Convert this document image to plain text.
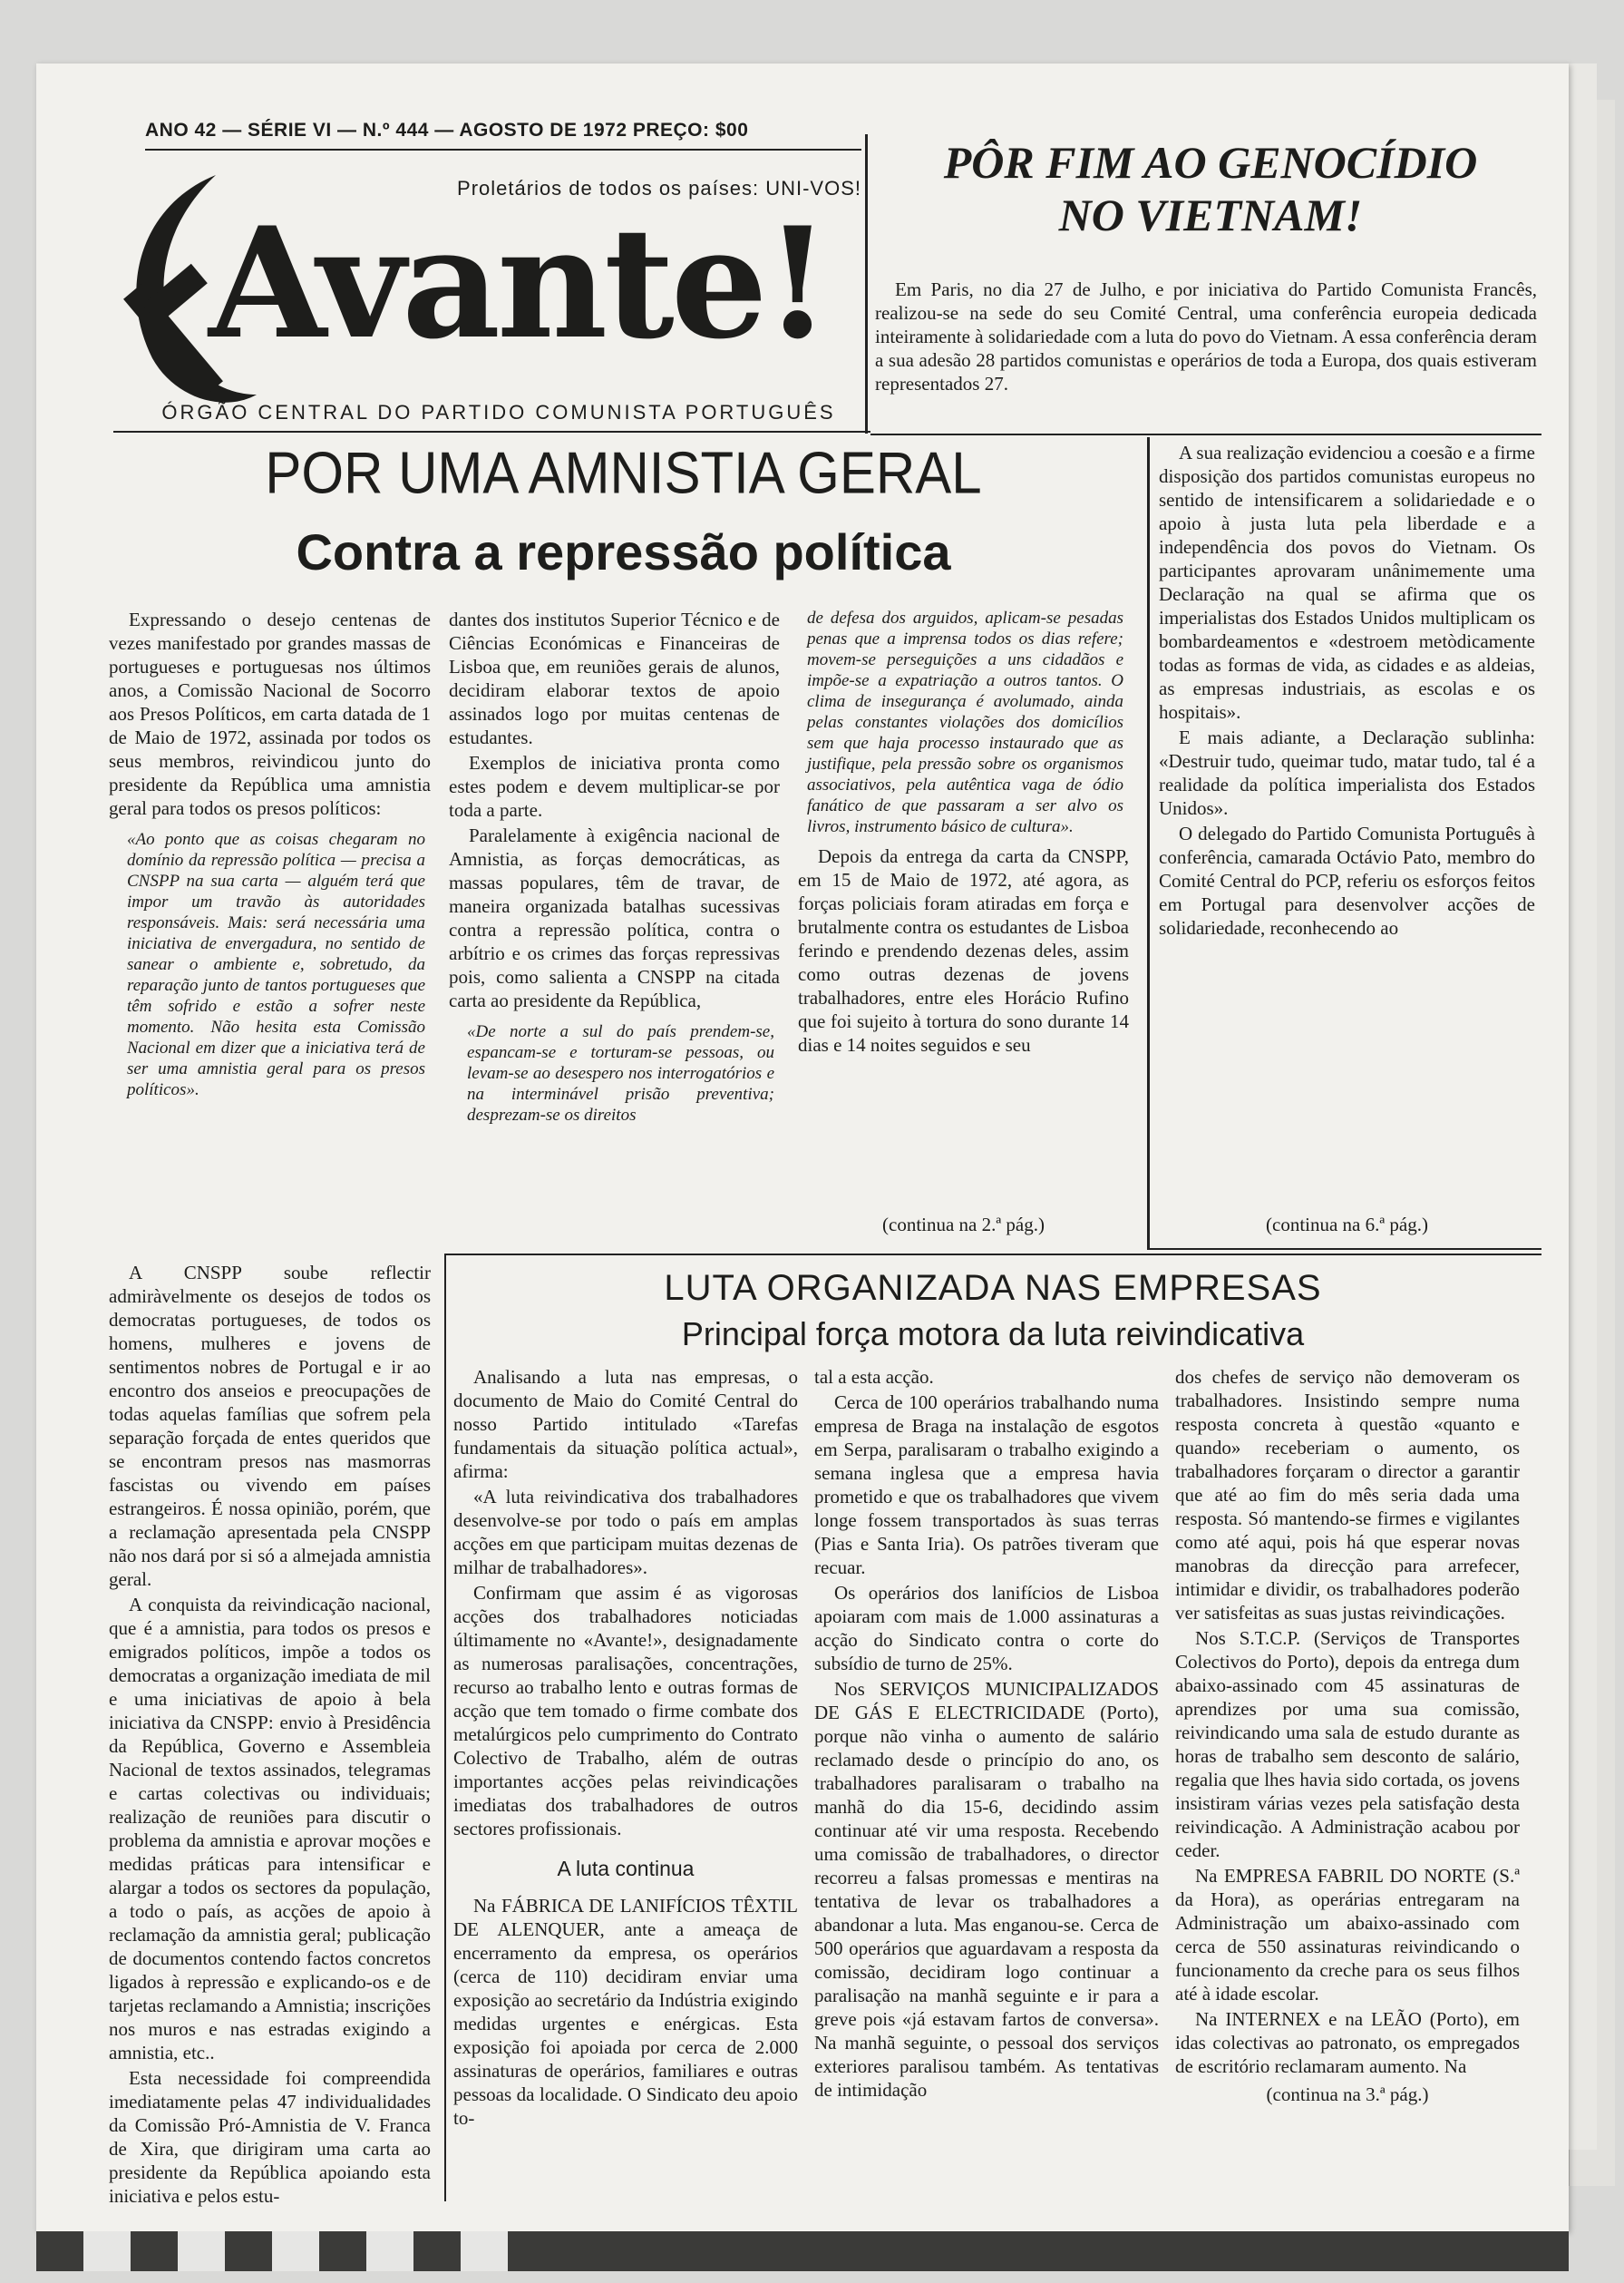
ANO 42 — SÉRIE VI — N.º 444 — AGOSTO DE 1972 PREÇO: $00
Proletários de todos os países: UNI-VOS!
Avante!
ÓRGÃO CENTRAL DO PARTIDO COMUNISTA PORTUGUÊS
PÔR FIM AO GENOCÍDIO
NO VIETNAM!

Em Paris, no dia 27 de Julho, e por iniciativa do Partido Comunista Francês, realizou-se na sede do seu Comité Central, uma conferência europeia dedicada inteiramente à solidariedade com a luta do povo do Vietnam. A essa conferência deram a sua adesão 28 partidos comunistas e operários de toda a Europa, dos quais estiveram representados 27.

A sua realização evidenciou a coesão e a firme disposição dos partidos comunistas europeus no sentido de intensificarem a solidariedade e o apoio à justa luta pela liberdade e a independência dos povos do Vietnam. Os participantes aprovaram unânimemente uma Declaração na qual se afirma que os imperialistas dos Estados Unidos multiplicam os bombardeamentos e «destroem metòdicamente todas as formas de vida, as cidades e as aldeias, as empresas industriais, as escolas e os hospitais».

E mais adiante, a Declaração sublinha: «Destruir tudo, queimar tudo, matar tudo, tal é a realidade da política imperialista dos Estados Unidos».

O delegado do Partido Comunista Português à conferência, camarada Octávio Pato, membro do Comité Central do PCP, referiu os esforços feitos em Portugal para desenvolver acções de solidariedade, reconhecendo ao

(continua na 6.ª pág.)
POR UMA AMNISTIA GERAL
Contra a repressão política

Expressando o desejo centenas de vezes manifestado por grandes massas de portugueses e portuguesas nos últimos anos, a Comissão Nacional de Socorro aos Presos Políticos, em carta datada de 1 de Maio de 1972, assinada por todos os seus membros, reivindicou junto do presidente da República uma amnistia geral para todos os presos políticos:

«Ao ponto que as coisas chegaram no domínio da repressão política — precisa a CNSPP na sua carta — alguém terá que impor um travão às autoridades responsáveis. Mais: será necessária uma iniciativa de envergadura, no sentido de sanear o ambiente e, sobretudo, da reparação junto de tantos portugueses que têm sofrido e estão a sofrer neste momento. Não hesita esta Comissão Nacional em dizer que a iniciativa terá de ser uma amnistia geral para os presos políticos».

dantes dos institutos Superior Técnico e de Ciências Económicas e Financeiras de Lisboa que, em reuniões gerais de alunos, decidiram elaborar textos de apoio assinados logo por muitas centenas de estudantes.

Exemplos de iniciativa pronta como estes podem e devem multiplicar-se por toda a parte.

Paralelamente à exigência nacional de Amnistia, as forças democráticas, as massas populares, têm de travar, de maneira organizada batalhas sucessivas contra a repressão política, contra o arbítrio e os crimes das forças repressivas pois, como salienta a CNSPP na citada carta ao presidente da República,

«De norte a sul do país prendem-se, espancam-se e torturam-se pessoas, ou levam-se ao desespero nos interrogatórios e na interminável prisão preventiva; desprezam-se os direitos

de defesa dos arguidos, aplicam-se pesadas penas que a imprensa todos os dias refere; movem-se perseguições a uns cidadãos e impõe-se a expatriação a outros tantos. O clima de insegurança é avolumado, ainda pelas constantes violações dos domicílios sem que haja processo instaurado que as justifique, pela pressão sobre os organismos associativos, pela autêntica vaga de ódio fanático de que passaram a ser alvo os livros, instrumento básico de cultura».

Depois da entrega da carta da CNSPP, em 15 de Maio de 1972, até agora, as forças policiais foram atiradas em força e brutalmente contra os estudantes de Lisboa ferindo e prendendo dezenas deles, assim como outras dezenas de jovens trabalhadores, entre eles Horácio Rufino que foi sujeito à tortura do sono durante 14 dias e 14 noites seguidos e seu

(continua na 2.ª pág.)

A CNSPP soube reflectir admiràvelmente os desejos de todos os democratas portugueses, de todos os homens, mulheres e jovens de sentimentos nobres de Portugal e ir ao encontro dos anseios e preocupações de todas aquelas famílias que sofrem pela separação forçada de entes queridos que se encontram presos nas masmorras fascistas ou vivendo em países estrangeiros. É nossa opinião, porém, que a reclamação apresentada pela CNSPP não nos dará por si só a almejada amnistia geral.

A conquista da reivindicação nacional, que é a amnistia, para todos os presos e emigrados políticos, impõe a todos os democratas a organização imediata de mil e uma iniciativas de apoio à bela iniciativa da CNSPP: envio à Presidência da República, Governo e Assembleia Nacional de textos assinados, telegramas e cartas colectivas ou individuais; realização de reuniões para discutir o problema da amnistia e aprovar moções e medidas práticas para intensificar e alargar a todos os sectores da população, a todo o país, as acções de apoio à reclamação da amnistia geral; publicação de documentos contendo factos concretos ligados à repressão e explicando-os e de tarjetas reclamando a Amnistia; inscrições nos muros e nas estradas exigindo a amnistia, etc..

Esta necessidade foi compreendida imediatamente pelas 47 individualidades da Comissão Pró-Amnistia de V. Franca de Xira, que dirigiram uma carta ao presidente da República apoiando esta iniciativa e pelos estu-

LUTA ORGANIZADA NAS EMPRESAS
Principal força motora da luta reivindicativa

Analisando a luta nas empresas, o documento de Maio do Comité Central do nosso Partido intitulado «Tarefas fundamentais da situação política actual», afirma:

«A luta reivindicativa dos trabalhadores desenvolve-se por todo o país em amplas acções em que participam muitas dezenas de milhar de trabalhadores».

Confirmam que assim é as vigorosas acções dos trabalhadores noticiadas últimamente no «Avante!», designadamente as numerosas paralisações, concentrações, recurso ao trabalho lento e outras formas de acção que tem tomado o firme combate dos metalúrgicos pelo cumprimento do Contrato Colectivo de Trabalho, além de outras importantes acções pelas reivindicações imediatas dos trabalhadores de outros sectores profissionais.

A luta continua

Na FÁBRICA DE LANIFÍCIOS TÊXTIL DE ALENQUER, ante a ameaça de encerramento da empresa, os operários (cerca de 110) decidiram enviar uma exposição ao secretário da Indústria exigindo medidas urgentes e enérgicas. Esta exposição foi apoiada por cerca de 2.000 assinaturas de operários, familiares e outras pessoas da localidade. O Sindicato deu apoio to-

tal a esta acção.

Cerca de 100 operários trabalhando numa empresa de Braga na instalação de esgotos em Serpa, paralisaram o trabalho exigindo a semana inglesa que a empresa havia prometido e que os trabalhadores que vivem longe fossem transportados às suas terras (Pias e Santa Iria). Os patrões tiveram que recuar.

Os operários dos lanifícios de Lisboa apoiaram com mais de 1.000 assinaturas a acção do Sindicato contra o corte do subsídio de turno de 25%.

Nos SERVIÇOS MUNICIPALIZADOS DE GÁS E ELECTRICIDADE (Porto), porque não vinha o aumento de salário reclamado desde o princípio do ano, os trabalhadores paralisaram o trabalho na manhã do dia 15-6, decidindo assim continuar até vir uma resposta. Recebendo uma comissão de trabalhadores, o director recorreu a falsas promessas e mentiras na tentativa de levar os trabalhadores a abandonar a luta. Mas enganou-se. Cerca de 500 operários que aguardavam a resposta da comissão, decidiram logo continuar a paralisação na manhã seguinte e ir para a greve pois «já estavam fartos de conversa». Na manhã seguinte, o pessoal dos serviços exteriores paralisou também. As tentativas de intimidação

dos chefes de serviço não demoveram os trabalhadores. Insistindo sempre numa resposta concreta à questão «quanto e quando» receberiam o aumento, os trabalhadores forçaram o director a garantir que até ao fim do mês seria dada uma resposta. Só mantendo-se firmes e vigilantes como até aqui, pois há que esperar novas manobras da direcção para arrefecer, intimidar e dividir, os trabalhadores poderão ver satisfeitas as suas justas reivindicações.

Nos S.T.C.P. (Serviços de Transportes Colectivos do Porto), depois da entrega dum abaixo-assinado com 45 assinaturas de aprendizes por uma sua comissão, reivindicando uma sala de estudo durante as horas de trabalho sem desconto de salário, regalia que lhes havia sido cortada, os jovens insistiram várias vezes pela satisfação desta reivindicação. A Administração acabou por ceder.

Na EMPRESA FABRIL DO NORTE (S.ª da Hora), as operárias entregaram na Administração um abaixo-assinado com cerca de 550 assinaturas reivindicando o funcionamento da creche para os seus filhos até à idade escolar.

Na INTERNEX e na LEÃO (Porto), em idas colectivas ao patronato, os empregados de escritório reclamaram aumento. Na

(continua na 3.ª pág.)
